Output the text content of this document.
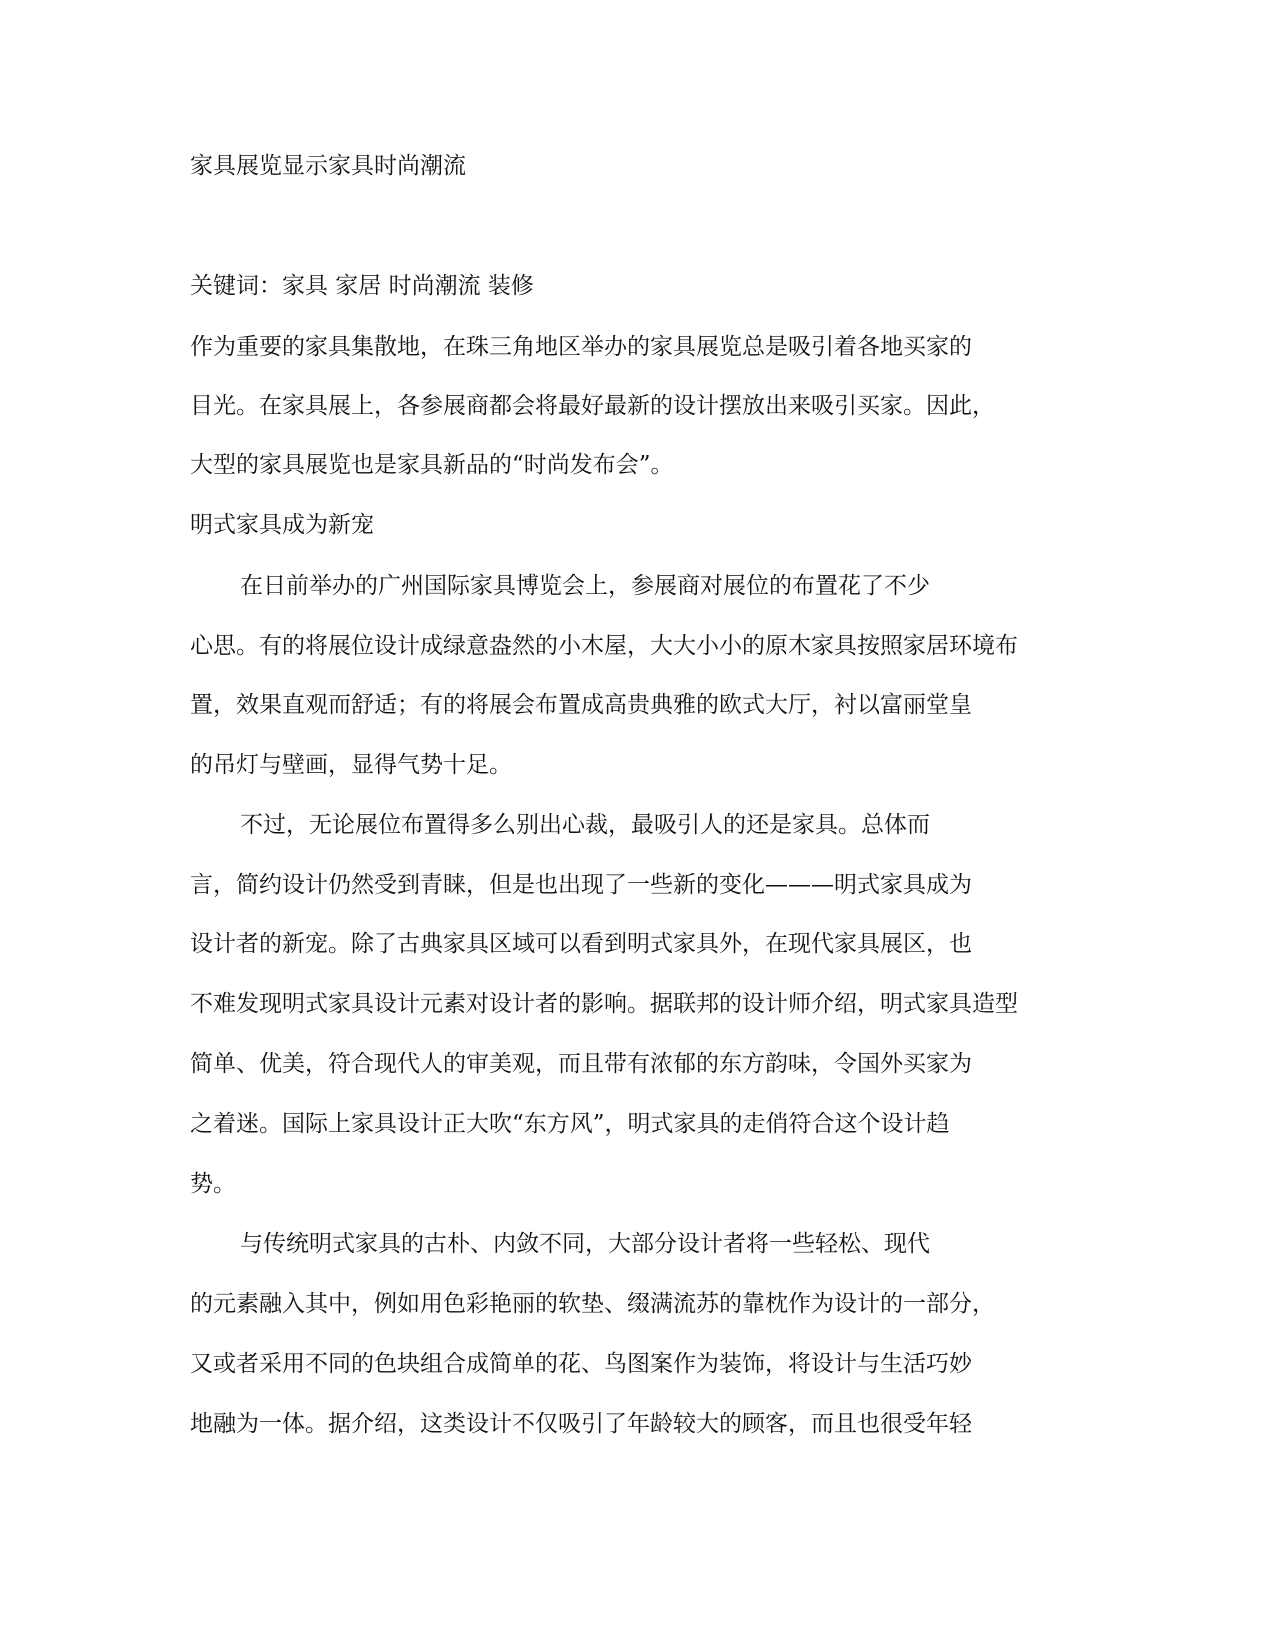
家具展览显示家具时尚潮流
关键词：家具 家居 时尚潮流 装修
作为重要的家具集散地，在珠三角地区举办的家具展览总是吸引着各地买家的
目光。在家具展上，各参展商都会将最好最新的设计摆放出来吸引买家。因此，
大型的家具展览也是家具新品的“时尚发布会”。
明式家具成为新宠
在日前举办的广州国际家具博览会上，参展商对展位的布置花了不少
心思。有的将展位设计成绿意盎然的小木屋，大大小小的原木家具按照家居环境布
置，效果直观而舒适；有的将展会布置成高贵典雅的欧式大厅，衬以富丽堂皇
的吊灯与壁画，显得气势十足。
不过，无论展位布置得多么别出心裁，最吸引人的还是家具。总体而
言，简约设计仍然受到青睐，但是也出现了一些新的变化———明式家具成为
设计者的新宠。除了古典家具区域可以看到明式家具外，在现代家具展区，也
不难发现明式家具设计元素对设计者的影响。据联邦的设计师介绍，明式家具造型
简单、优美，符合现代人的审美观，而且带有浓郁的东方韵味，令国外买家为
之着迷。国际上家具设计正大吹“东方风”，明式家具的走俏符合这个设计趋
势。
与传统明式家具的古朴、内敛不同，大部分设计者将一些轻松、现代
的元素融入其中，例如用色彩艳丽的软垫、缀满流苏的靠枕作为设计的一部分，
又或者采用不同的色块组合成简单的花、鸟图案作为装饰，将设计与生活巧妙
地融为一体。据介绍，这类设计不仅吸引了年龄较大的顾客，而且也很受年轻
